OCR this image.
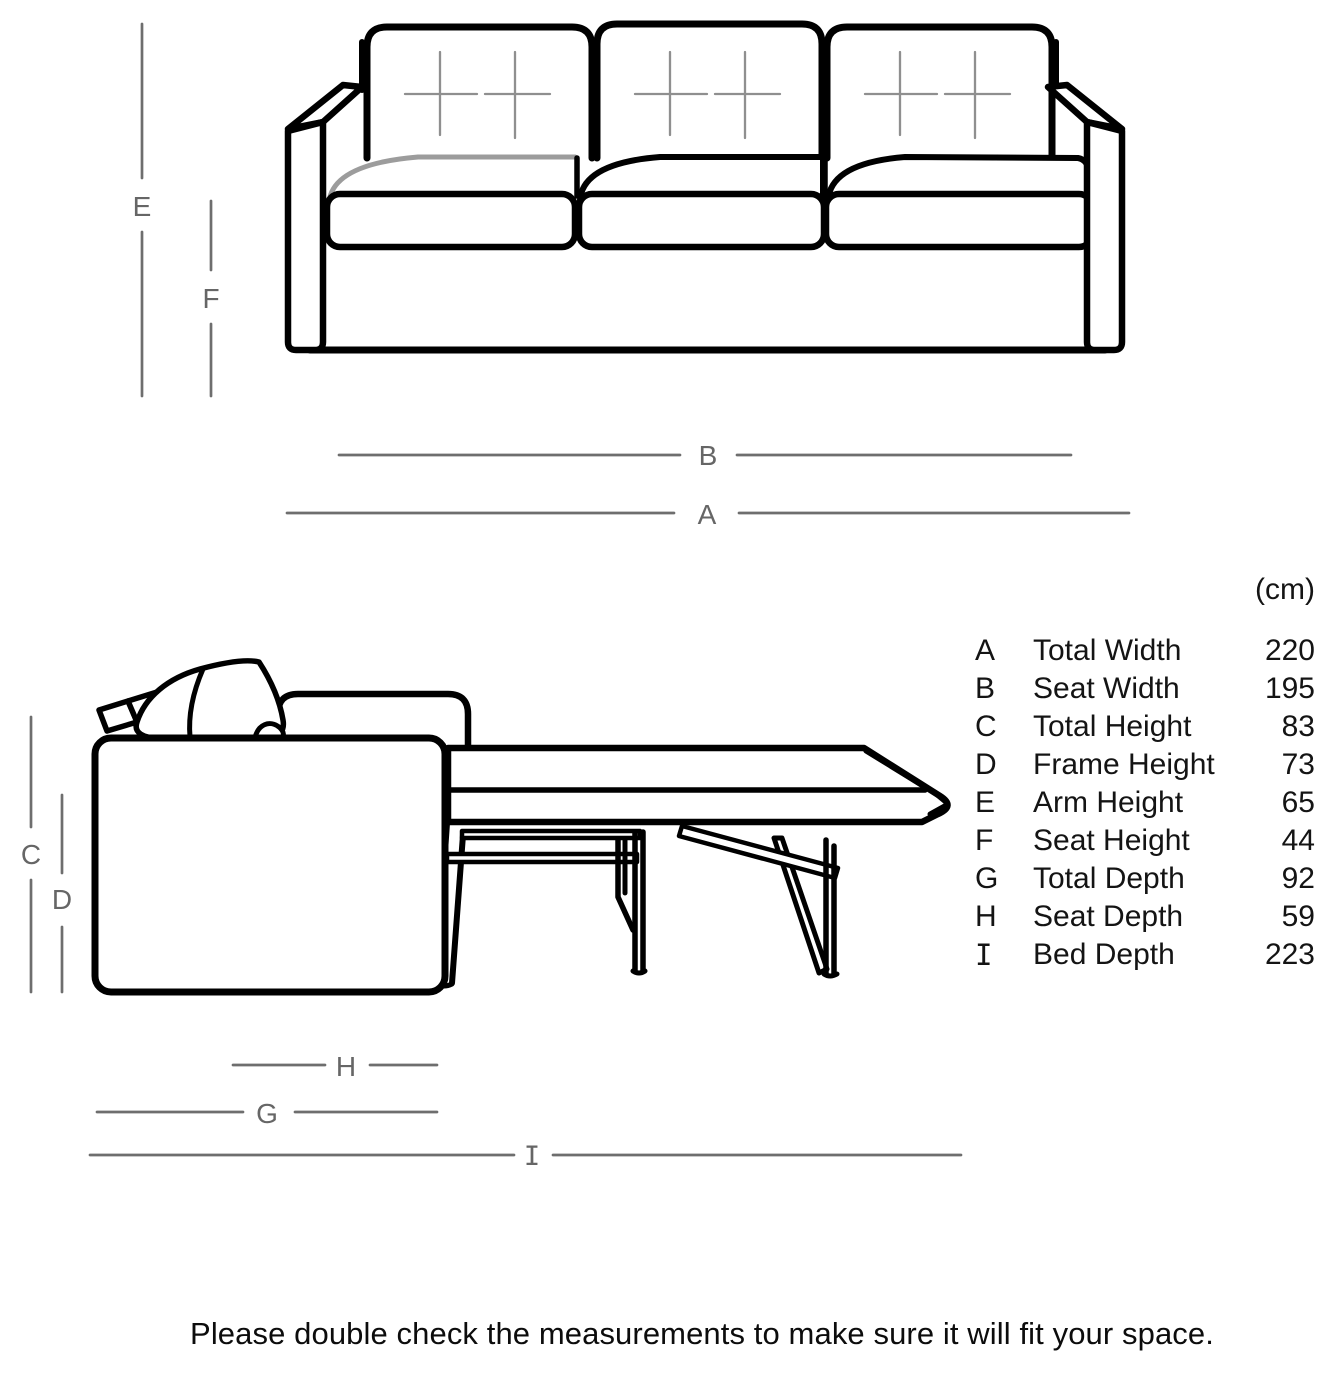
E
F
B
A
C
D
H
G
I
(cm)
A	Total Width	220
B	Seat Width	195
C	Total Height	83
D	Frame Height	73
E	Arm Height	65
F	Seat Height	44
G	Total Depth	92
H	Seat Depth	59
I	Bed Depth	223
Please double check the measurements to make sure it will fit your space.
